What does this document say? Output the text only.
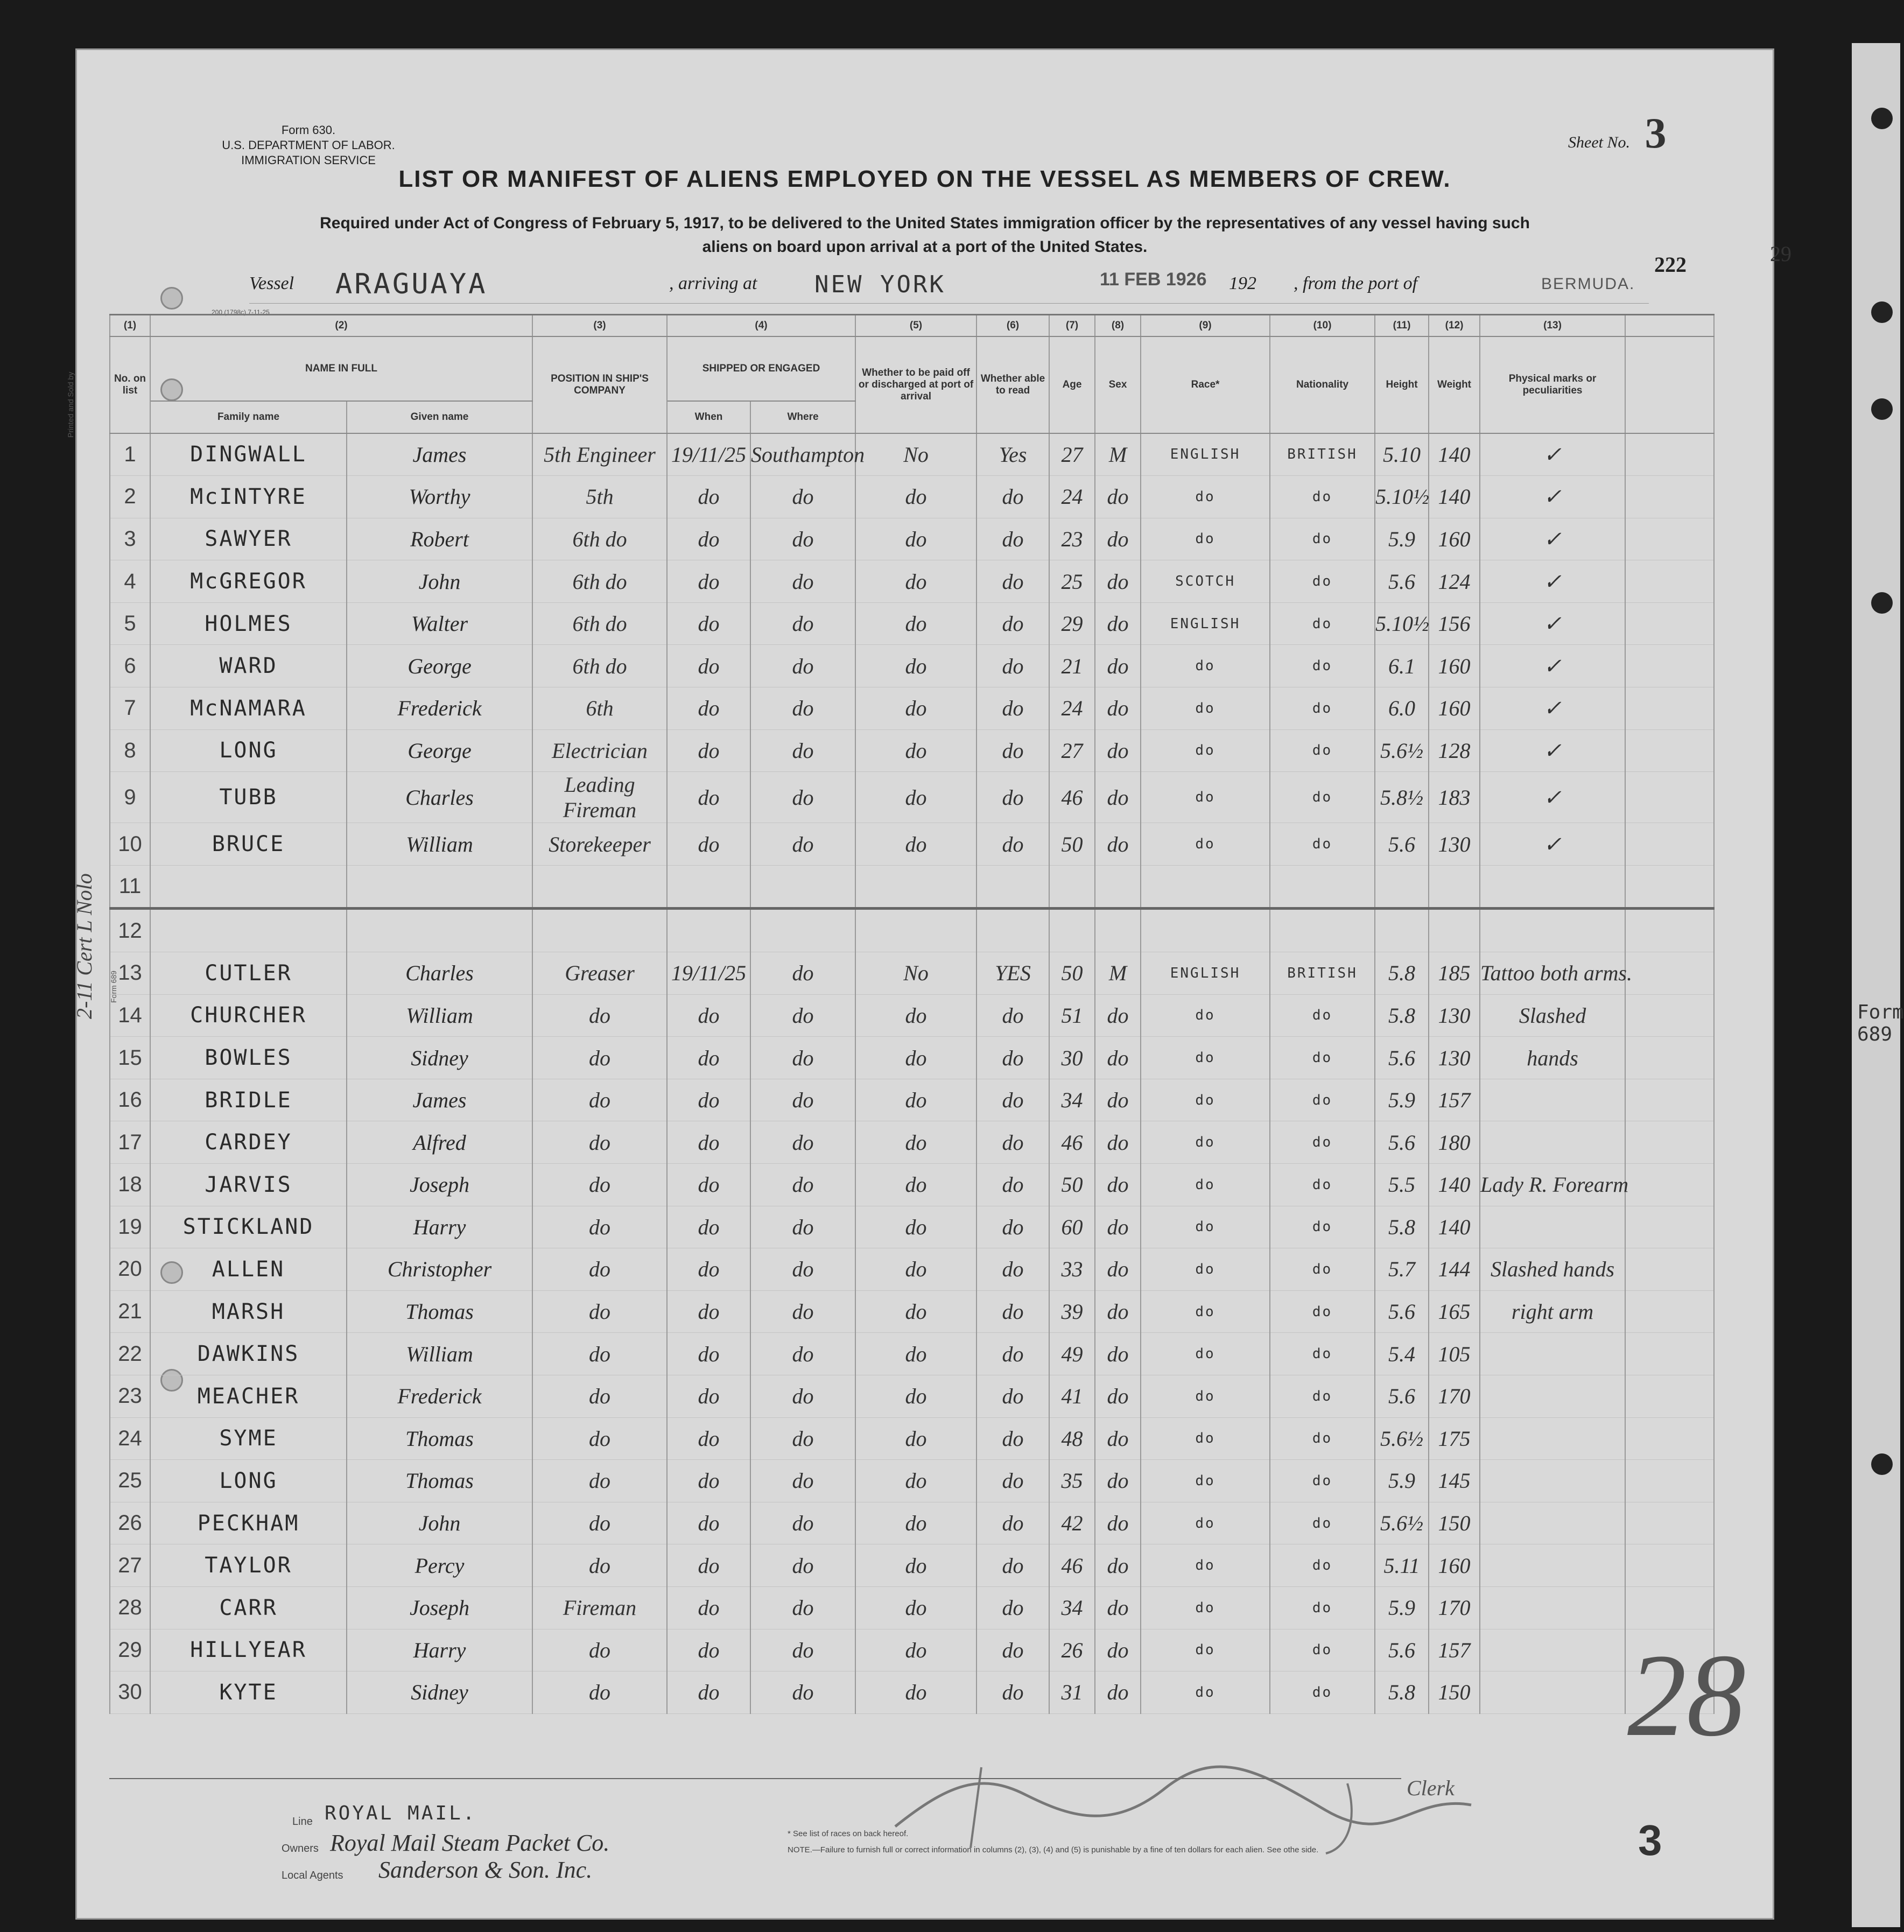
Form 689
Printed and Sold by
2-11 Cert L Nolo Form 689
Form 630.
U.S. DEPARTMENT OF LABOR.
IMMIGRATION SERVICE
Sheet No. 3
LIST OR MANIFEST OF ALIENS EMPLOYED ON THE VESSEL AS MEMBERS OF CREW.
Required under Act of Congress of February 5, 1917, to be delivered to the United States immigration officer by the representatives of any vessel having such
aliens on board upon arrival at a port of the United States.
222	29
Vessel ARAGUAYA	, arriving at NEW YORK	11 FEB 1926 192 , from the port of	BERMUDA.
200 (1798c) 7-11-25
(1)	(2)		(3)	(4)		(5)	(6)	(7)	(8)	(9)	(10)	(11)	(12)	(13)	
No. on list	NAME IN FULL		POSITION IN SHIP'S COMPANY	SHIPPED OR ENGAGED		Whether to be paid off or discharged at port of arrival	Whether able to read	Age	Sex	Race*	Nationality	Height	Weight	Physical marks or peculiarities	
	Family name	Given name		When	Where										
1	DINGWALL	James	5th Engineer	19/11/25	Southampton	No	Yes	27	M	ENGLISH	BRITISH	5.10	140	✓	
2	McINTYRE	Worthy	5th	do	do	do	do	24	do	do	do	5.10½	140	✓	
3	SAWYER	Robert	6th do	do	do	do	do	23	do	do	do	5.9	160	✓	
4	McGREGOR	John	6th do	do	do	do	do	25	do	SCOTCH	do	5.6	124	✓	
5	HOLMES	Walter	6th do	do	do	do	do	29	do	ENGLISH	do	5.10½	156	✓	
6	WARD	George	6th do	do	do	do	do	21	do	do	do	6.1	160	✓	
7	McNAMARA	Frederick	6th	do	do	do	do	24	do	do	do	6.0	160	✓	
8	LONG	George	Electrician	do	do	do	do	27	do	do	do	5.6½	128	✓	
9	TUBB	Charles	Leading Fireman	do	do	do	do	46	do	do	do	5.8½	183	✓	
10	BRUCE	William	Storekeeper	do	do	do	do	50	do	do	do	5.6	130	✓	
11															
12															
13	CUTLER	Charles	Greaser	19/11/25	do	No	YES	50	M	ENGLISH	BRITISH	5.8	185	Tattoo both arms.	
14	CHURCHER	William	do	do	do	do	do	51	do	do	do	5.8	130	Slashed	
15	BOWLES	Sidney	do	do	do	do	do	30	do	do	do	5.6	130	hands	
16	BRIDLE	James	do	do	do	do	do	34	do	do	do	5.9	157		
17	CARDEY	Alfred	do	do	do	do	do	46	do	do	do	5.6	180		
18	JARVIS	Joseph	do	do	do	do	do	50	do	do	do	5.5	140	Lady R. Forearm	
19	STICKLAND	Harry	do	do	do	do	do	60	do	do	do	5.8	140		
20	ALLEN	Christopher	do	do	do	do	do	33	do	do	do	5.7	144	Slashed hands	
21	MARSH	Thomas	do	do	do	do	do	39	do	do	do	5.6	165	right arm	
22	DAWKINS	William	do	do	do	do	do	49	do	do	do	5.4	105		
23	MEACHER	Frederick	do	do	do	do	do	41	do	do	do	5.6	170		
24	SYME	Thomas	do	do	do	do	do	48	do	do	do	5.6½	175		
25	LONG	Thomas	do	do	do	do	do	35	do	do	do	5.9	145		
26	PECKHAM	John	do	do	do	do	do	42	do	do	do	5.6½	150		
27	TAYLOR	Percy	do	do	do	do	do	46	do	do	do	5.11	160		
28	CARR	Joseph	Fireman	do	do	do	do	34	do	do	do	5.9	170		
29	HILLYEAR	Harry	do	do	do	do	do	26	do	do	do	5.6	157		
30	KYTE	Sidney	do	do	do	do	do	31	do	do	do	5.8	150		28
Clerk
Line ROYAL MAIL.
Owners Royal Mail Steam Packet Co.
Local Agents Sanderson & Son. Inc.
* See list of races on back hereof.
NOTE.—Failure to furnish full or correct information in columns (2), (3), (4) and (5) is punishable by a fine of ten dollars for each alien. See othe side.	3
